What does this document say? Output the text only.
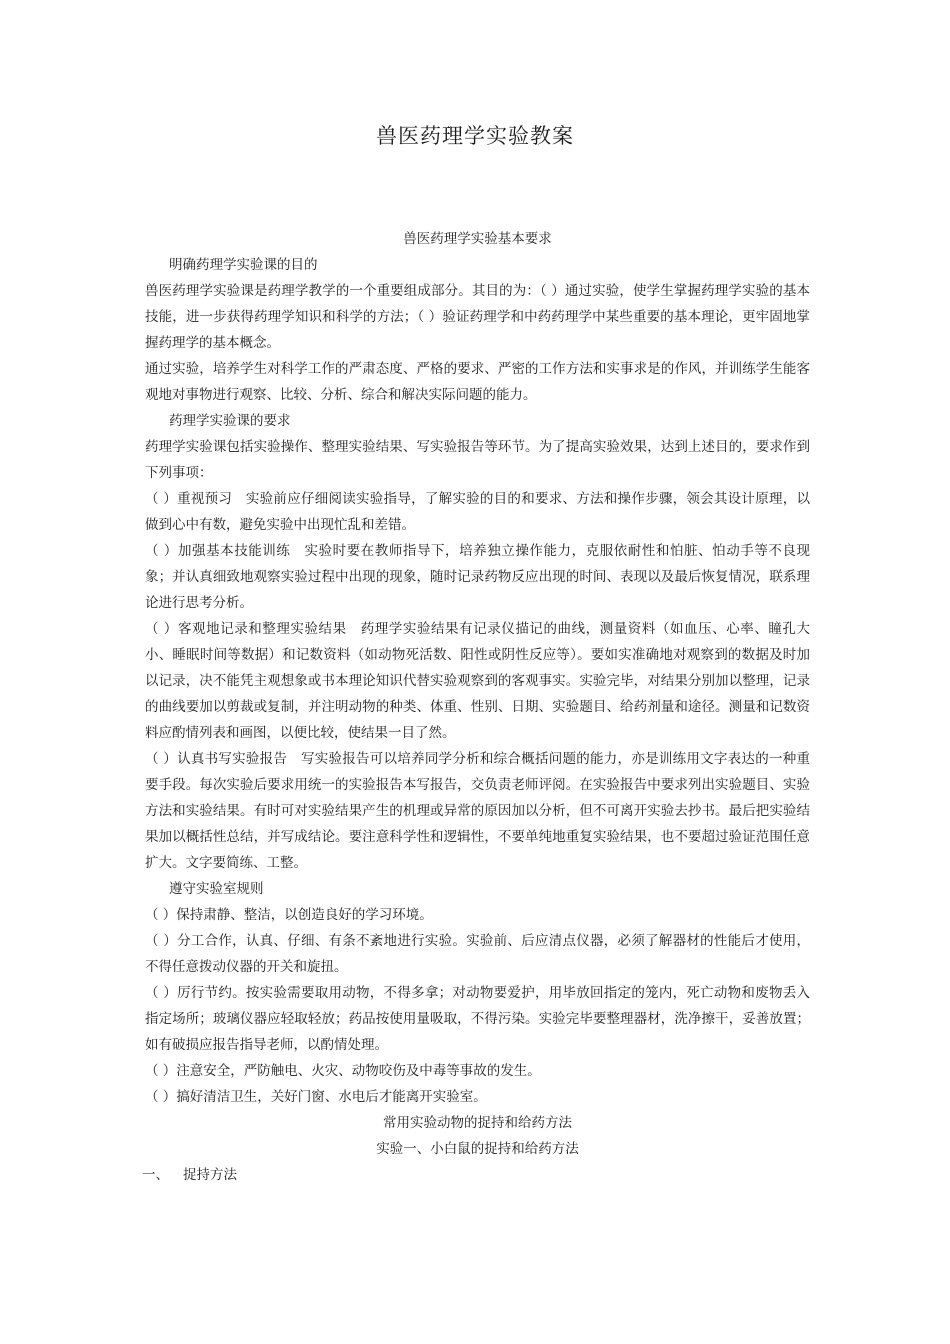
兽医药理学实验教案

兽医药理学实验基本要求

明确药理学实验课的目的

兽医药理学实验课是药理学教学的一个重要组成部分。其目的为：（ ）通过实验，使学生掌握药理学实验的基本技能，进一步获得药理学知识和科学的方法；（ ）验证药理学和中药药理学中某些重要的基本理论，更牢固地掌握药理学的基本概念。

通过实验，培养学生对科学工作的严肃态度、严格的要求、严密的工作方法和实事求是的作风，并训练学生能客观地对事物进行观察、比较、分析、综合和解决实际问题的能力。

药理学实验课的要求

药理学实验课包括实验操作、整理实验结果、写实验报告等环节。为了提高实验效果，达到上述目的，要求作到下列事项：

（ ）重视预习　实验前应仔细阅读实验指导，了解实验的目的和要求、方法和操作步骤，领会其设计原理，以做到心中有数，避免实验中出现忙乱和差错。

（ ）加强基本技能训练　实验时要在教师指导下，培养独立操作能力，克服依耐性和怕脏、怕动手等不良现象；并认真细致地观察实验过程中出现的现象，随时记录药物反应出现的时间、表现以及最后恢复情况，联系理论进行思考分析。

（ ）客观地记录和整理实验结果　药理学实验结果有记录仪描记的曲线，测量资料（如血压、心率、瞳孔大小、睡眠时间等数据）和记数资料（如动物死活数、阳性或阴性反应等）。要如实准确地对观察到的数据及时加以记录，决不能凭主观想象或书本理论知识代替实验观察到的客观事实。实验完毕，对结果分别加以整理，记录的曲线要加以剪裁或复制，并注明动物的种类、体重、性别、日期、实验题目、给药剂量和途径。测量和记数资料应酌情列表和画图，以便比较，使结果一目了然。

（ ）认真书写实验报告　写实验报告可以培养同学分析和综合概括问题的能力，亦是训练用文字表达的一种重要手段。每次实验后要求用统一的实验报告本写报告，交负责老师评阅。在实验报告中要求列出实验题目、实验方法和实验结果。有时可对实验结果产生的机理或异常的原因加以分析，但不可离开实验去抄书。最后把实验结果加以概括性总结，并写成结论。要注意科学性和逻辑性，不要单纯地重复实验结果，也不要超过验证范围任意扩大。文字要简练、工整。

遵守实验室规则

（ ）保持肃静、整洁，以创造良好的学习环境。

（ ）分工合作，认真、仔细、有条不紊地进行实验。实验前、后应清点仪器，必须了解器材的性能后才使用，不得任意拨动仪器的开关和旋扭。

（ ）厉行节约。按实验需要取用动物，不得多拿；对动物要爱护，用毕放回指定的笼内，死亡动物和废物丢入指定场所；玻璃仪器应轻取轻放；药品按使用量吸取，不得污染。实验完毕要整理器材，洗净擦干，妥善放置；如有破损应报告指导老师，以酌情处理。

（ ）注意安全，严防触电、火灾、动物咬伤及中毒等事故的发生。

（ ）搞好清洁卫生，关好门窗、水电后才能离开实验室。

常用实验动物的捉持和给药方法

实验一、小白鼠的捉持和给药方法

一、 捉持方法
